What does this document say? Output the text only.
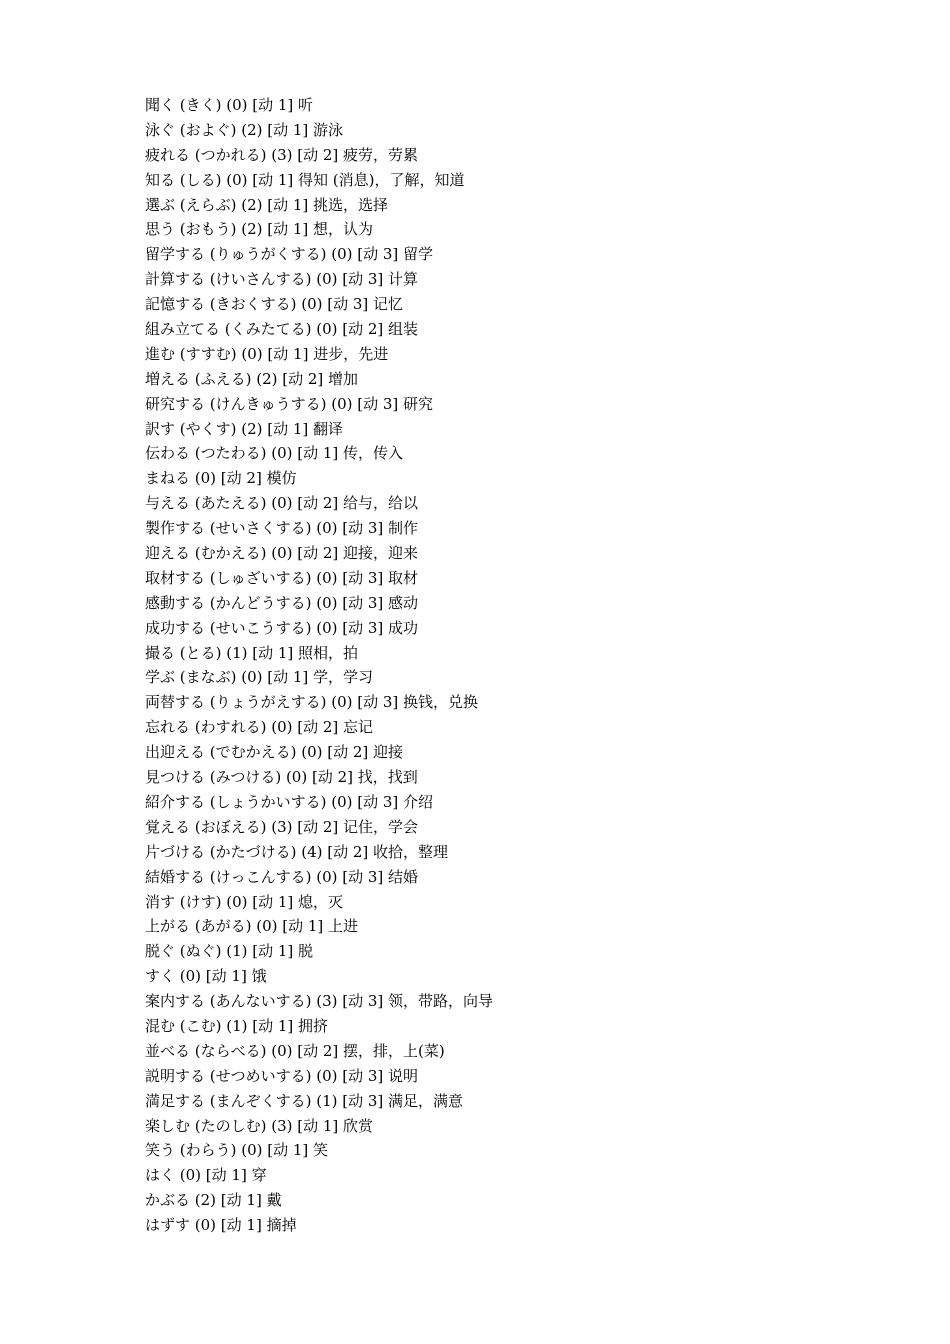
聞く (きく) (0) [动 1] 听
泳ぐ (およぐ) (2) [动 1] 游泳
疲れる (つかれる) (3) [动 2] 疲劳，劳累
知る (しる) (0) [动 1] 得知 (消息)，了解，知道
選ぶ (えらぶ) (2) [动 1] 挑选，选择
思う (おもう) (2) [动 1] 想，认为
留学する (りゅうがくする) (0) [动 3] 留学
計算する (けいさんする) (0) [动 3] 计算
記憶する (きおくする) (0) [动 3] 记忆
組み立てる (くみたてる) (0) [动 2] 组装
進む (すすむ) (0) [动 1] 进步，先进
増える (ふえる) (2) [动 2] 增加
研究する (けんきゅうする) (0) [动 3] 研究
訳す (やくす) (2) [动 1] 翻译
伝わる (つたわる) (0) [动 1] 传，传入
まねる (0) [动 2] 模仿
与える (あたえる) (0) [动 2] 给与，给以
製作する (せいさくする) (0) [动 3] 制作
迎える (むかえる) (0) [动 2] 迎接，迎来
取材する (しゅざいする) (0) [动 3] 取材
感動する (かんどうする) (0) [动 3] 感动
成功する (せいこうする) (0) [动 3] 成功
撮る (とる) (1) [动 1] 照相，拍
学ぶ (まなぶ) (0) [动 1] 学，学习
両替する (りょうがえする) (0) [动 3] 换钱，兑换
忘れる (わすれる) (0) [动 2] 忘记
出迎える (でむかえる) (0) [动 2] 迎接
見つける (みつける) (0) [动 2] 找，找到
紹介する (しょうかいする) (0) [动 3] 介绍
覚える (おぼえる) (3) [动 2] 记住，学会
片づける (かたづける) (4) [动 2] 收拾，整理
結婚する (けっこんする) (0) [动 3] 结婚
消す (けす) (0) [动 1] 熄，灭
上がる (あがる) (0) [动 1] 上进
脱ぐ (ぬぐ) (1) [动 1] 脱
すく (0) [动 1] 饿
案内する (あんないする) (3) [动 3] 领，带路，向导
混む (こむ) (1) [动 1] 拥挤
並べる (ならべる) (0) [动 2] 摆，排，上(菜)
説明する (せつめいする) (0) [动 3] 说明
満足する (まんぞくする) (1) [动 3] 满足，满意
楽しむ (たのしむ) (3) [动 1] 欣赏
笑う (わらう) (0) [动 1] 笑
はく (0) [动 1] 穿
かぶる (2) [动 1] 戴
はずす (0) [动 1] 摘掉
